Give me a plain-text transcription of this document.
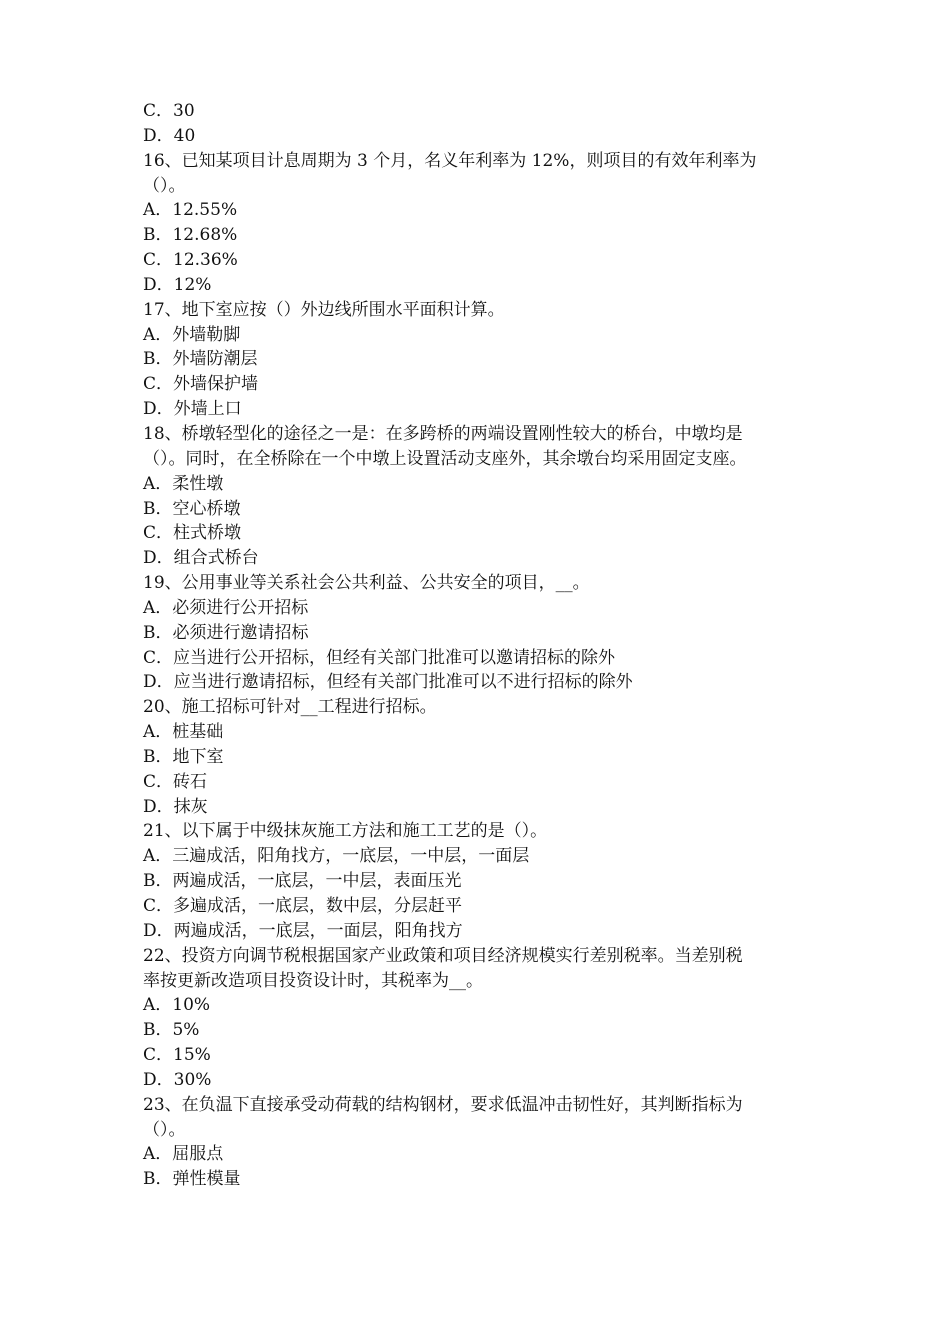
C．30
D．40
16、已知某项目计息周期为 3 个月，名义年利率为 12%，则项目的有效年利率为
（）。
A．12.55%
B．12.68%
C．12.36%
D．12%
17、地下室应按（）外边线所围水平面积计算。
A．外墙勒脚
B．外墙防潮层
C．外墙保护墙
D．外墙上口
18、桥墩轻型化的途径之一是：在多跨桥的两端设置刚性较大的桥台，中墩均是
（）。同时，在全桥除在一个中墩上设置活动支座外，其余墩台均采用固定支座。
A．柔性墩
B．空心桥墩
C．柱式桥墩
D．组合式桥台
19、公用事业等关系社会公共利益、公共安全的项目，__。
A．必须进行公开招标
B．必须进行邀请招标
C．应当进行公开招标，但经有关部门批准可以邀请招标的除外
D．应当进行邀请招标，但经有关部门批准可以不进行招标的除外
20、施工招标可针对__工程进行招标。
A．桩基础
B．地下室
C．砖石
D．抹灰
21、以下属于中级抹灰施工方法和施工工艺的是（）。
A．三遍成活，阳角找方，一底层，一中层，一面层
B．两遍成活，一底层，一中层，表面压光
C．多遍成活，一底层，数中层，分层赶平
D．两遍成活，一底层，一面层，阳角找方
22、投资方向调节税根据国家产业政策和项目经济规模实行差别税率。当差别税
率按更新改造项目投资设计时，其税率为__。
A．10%
B．5%
C．15%
D．30%
23、在负温下直接承受动荷载的结构钢材，要求低温冲击韧性好，其判断指标为
（）。
A．屈服点
B．弹性模量
